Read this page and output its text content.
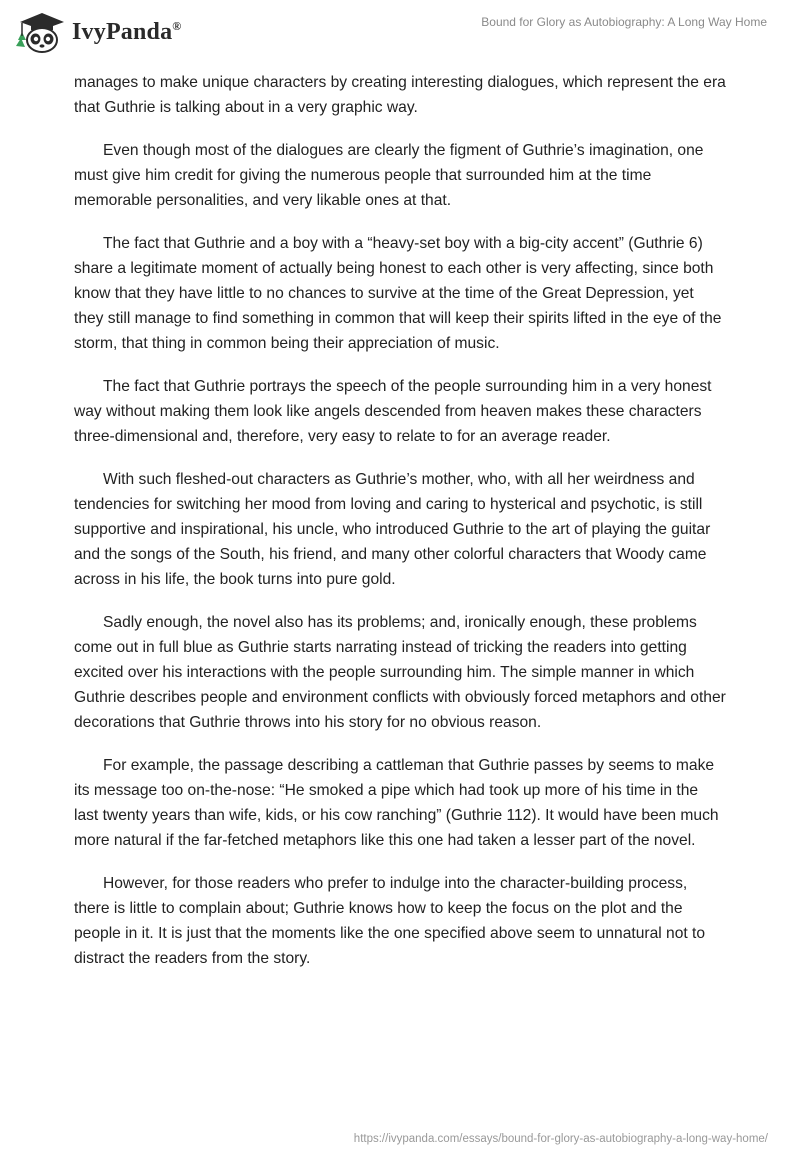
IvyPanda®	Bound for Glory as Autobiography: A Long Way Home

manages to make unique characters by creating interesting dialogues, which represent the era that Guthrie is talking about in a very graphic way.

Even though most of the dialogues are clearly the figment of Guthrie’s imagination, one must give him credit for giving the numerous people that surrounded him at the time memorable personalities, and very likable ones at that.

The fact that Guthrie and a boy with a “heavy-set boy with a big-city accent” (Guthrie 6) share a legitimate moment of actually being honest to each other is very affecting, since both know that they have little to no chances to survive at the time of the Great Depression, yet they still manage to find something in common that will keep their spirits lifted in the eye of the storm, that thing in common being their appreciation of music.

The fact that Guthrie portrays the speech of the people surrounding him in a very honest way without making them look like angels descended from heaven makes these characters three-dimensional and, therefore, very easy to relate to for an average reader.

With such fleshed-out characters as Guthrie’s mother, who, with all her weirdness and tendencies for switching her mood from loving and caring to hysterical and psychotic, is still supportive and inspirational, his uncle, who introduced Guthrie to the art of playing the guitar and the songs of the South, his friend, and many other colorful characters that Woody came across in his life, the book turns into pure gold.

Sadly enough, the novel also has its problems; and, ironically enough, these problems come out in full blue as Guthrie starts narrating instead of tricking the readers into getting excited over his interactions with the people surrounding him. The simple manner in which Guthrie describes people and environment conflicts with obviously forced metaphors and other decorations that Guthrie throws into his story for no obvious reason.

For example, the passage describing a cattleman that Guthrie passes by seems to make its message too on-the-nose: “He smoked a pipe which had took up more of his time in the last twenty years than wife, kids, or his cow ranching” (Guthrie 112). It would have been much more natural if the far-fetched metaphors like this one had taken a lesser part of the novel.

However, for those readers who prefer to indulge into the character-building process, there is little to complain about; Guthrie knows how to keep the focus on the plot and the people in it. It is just that the moments like the one specified above seem to unnatural not to distract the readers from the story.

https://ivypanda.com/essays/bound-for-glory-as-autobiography-a-long-way-home/
